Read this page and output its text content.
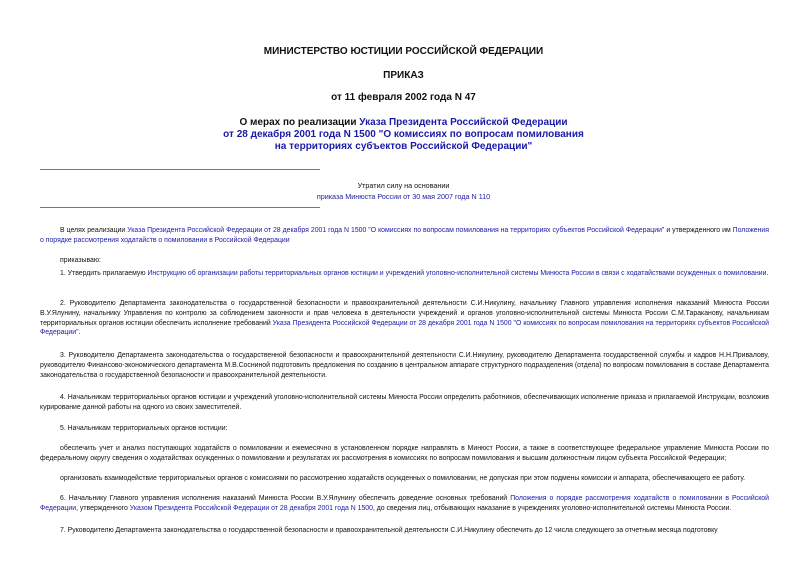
МИНИСТЕРСТВО ЮСТИЦИИ РОССИЙСКОЙ ФЕДЕРАЦИИ
ПРИКАЗ
от 11 февраля 2002 года N 47
О мерах по реализации Указа Президента Российской Федерации
от 28 декабря 2001 года N 1500 "О комиссиях по вопросам помилования
на территориях субъектов Российской Федерации"
Утратил силу на основании
приказа Минюста России от 30 мая 2007 года N 110
В целях реализации Указа Президента Российской Федерации от 28 декабря 2001 года N 1500 "О комиссиях по вопросам помилования на территориях субъектов Российской Федерации" и утвержденного им Положения о порядке рассмотрения ходатайств о помиловании в Российской Федерации
приказываю:
1. Утвердить прилагаемую Инструкцию об организации работы территориальных органов юстиции и учреждений уголовно-исполнительной системы Минюста России в связи с ходатайствами осужденных о помиловании.
2. Руководителю Департамента законодательства о государственной безопасности и правоохранительной деятельности С.И.Никулину, начальнику Главного управления исполнения наказаний Минюста России В.У.Ялунину, начальнику Управления по контролю за соблюдением законности и прав человека в деятельности учреждений и органов уголовно-исполнительной системы Минюста России С.М.Тараканову, начальникам территориальных органов юстиции обеспечить исполнение требований Указа Президента Российской Федерации от 28 декабря 2001 года N 1500 "О комиссиях по вопросам помилования на территориях субъектов Российской Федерации".
3. Руководителю Департамента законодательства о государственной безопасности и правоохранительной деятельности С.И.Никулину, руководителю Департамента государственной службы и кадров Н.Н.Привалову, руководителю Финансово-экономического департамента М.В.Сосниной подготовить предложения по созданию в центральном аппарате структурного подразделения (отдела) по вопросам помилования в составе Департамента законодательства о государственной безопасности и правоохранительной деятельности.
4. Начальникам территориальных органов юстиции и учреждений уголовно-исполнительной системы Минюста России определить работников, обеспечивающих исполнение приказа и прилагаемой Инструкции, возложив курирование данной работы на одного из своих заместителей.
5. Начальникам территориальных органов юстиции:
обеспечить учет и анализ поступающих ходатайств о помиловании и ежемесячно в установленном порядке направлять в Минюст России, а также в соответствующее федеральное управление Минюста России по федеральному округу сведения о ходатайствах осужденных о помиловании и результатах их рассмотрения в комиссиях по вопросам помилования и высшим должностным лицом субъекта Российской Федерации;
организовать взаимодействие территориальных органов с комиссиями по рассмотрению ходатайств осужденных о помиловании, не допуская при этом подмены комиссии и аппарата, обеспечивающего ее работу.
6. Начальнику Главного управления исполнения наказаний Минюста России В.У.Ялунину обеспечить доведение основных требований Положения о порядке рассмотрения ходатайств о помиловании в Российской Федерации, утвержденного Указом Президента Российской Федерации от 28 декабря 2001 года N 1500, до сведения лиц, отбывающих наказание в учреждениях уголовно-исполнительной системы Минюста России.
7. Руководителю Департамента законодательства о государственной безопасности и правоохранительной деятельности С.И.Никулину обеспечить до 12 числа следующего за отчетным месяца подготовку
